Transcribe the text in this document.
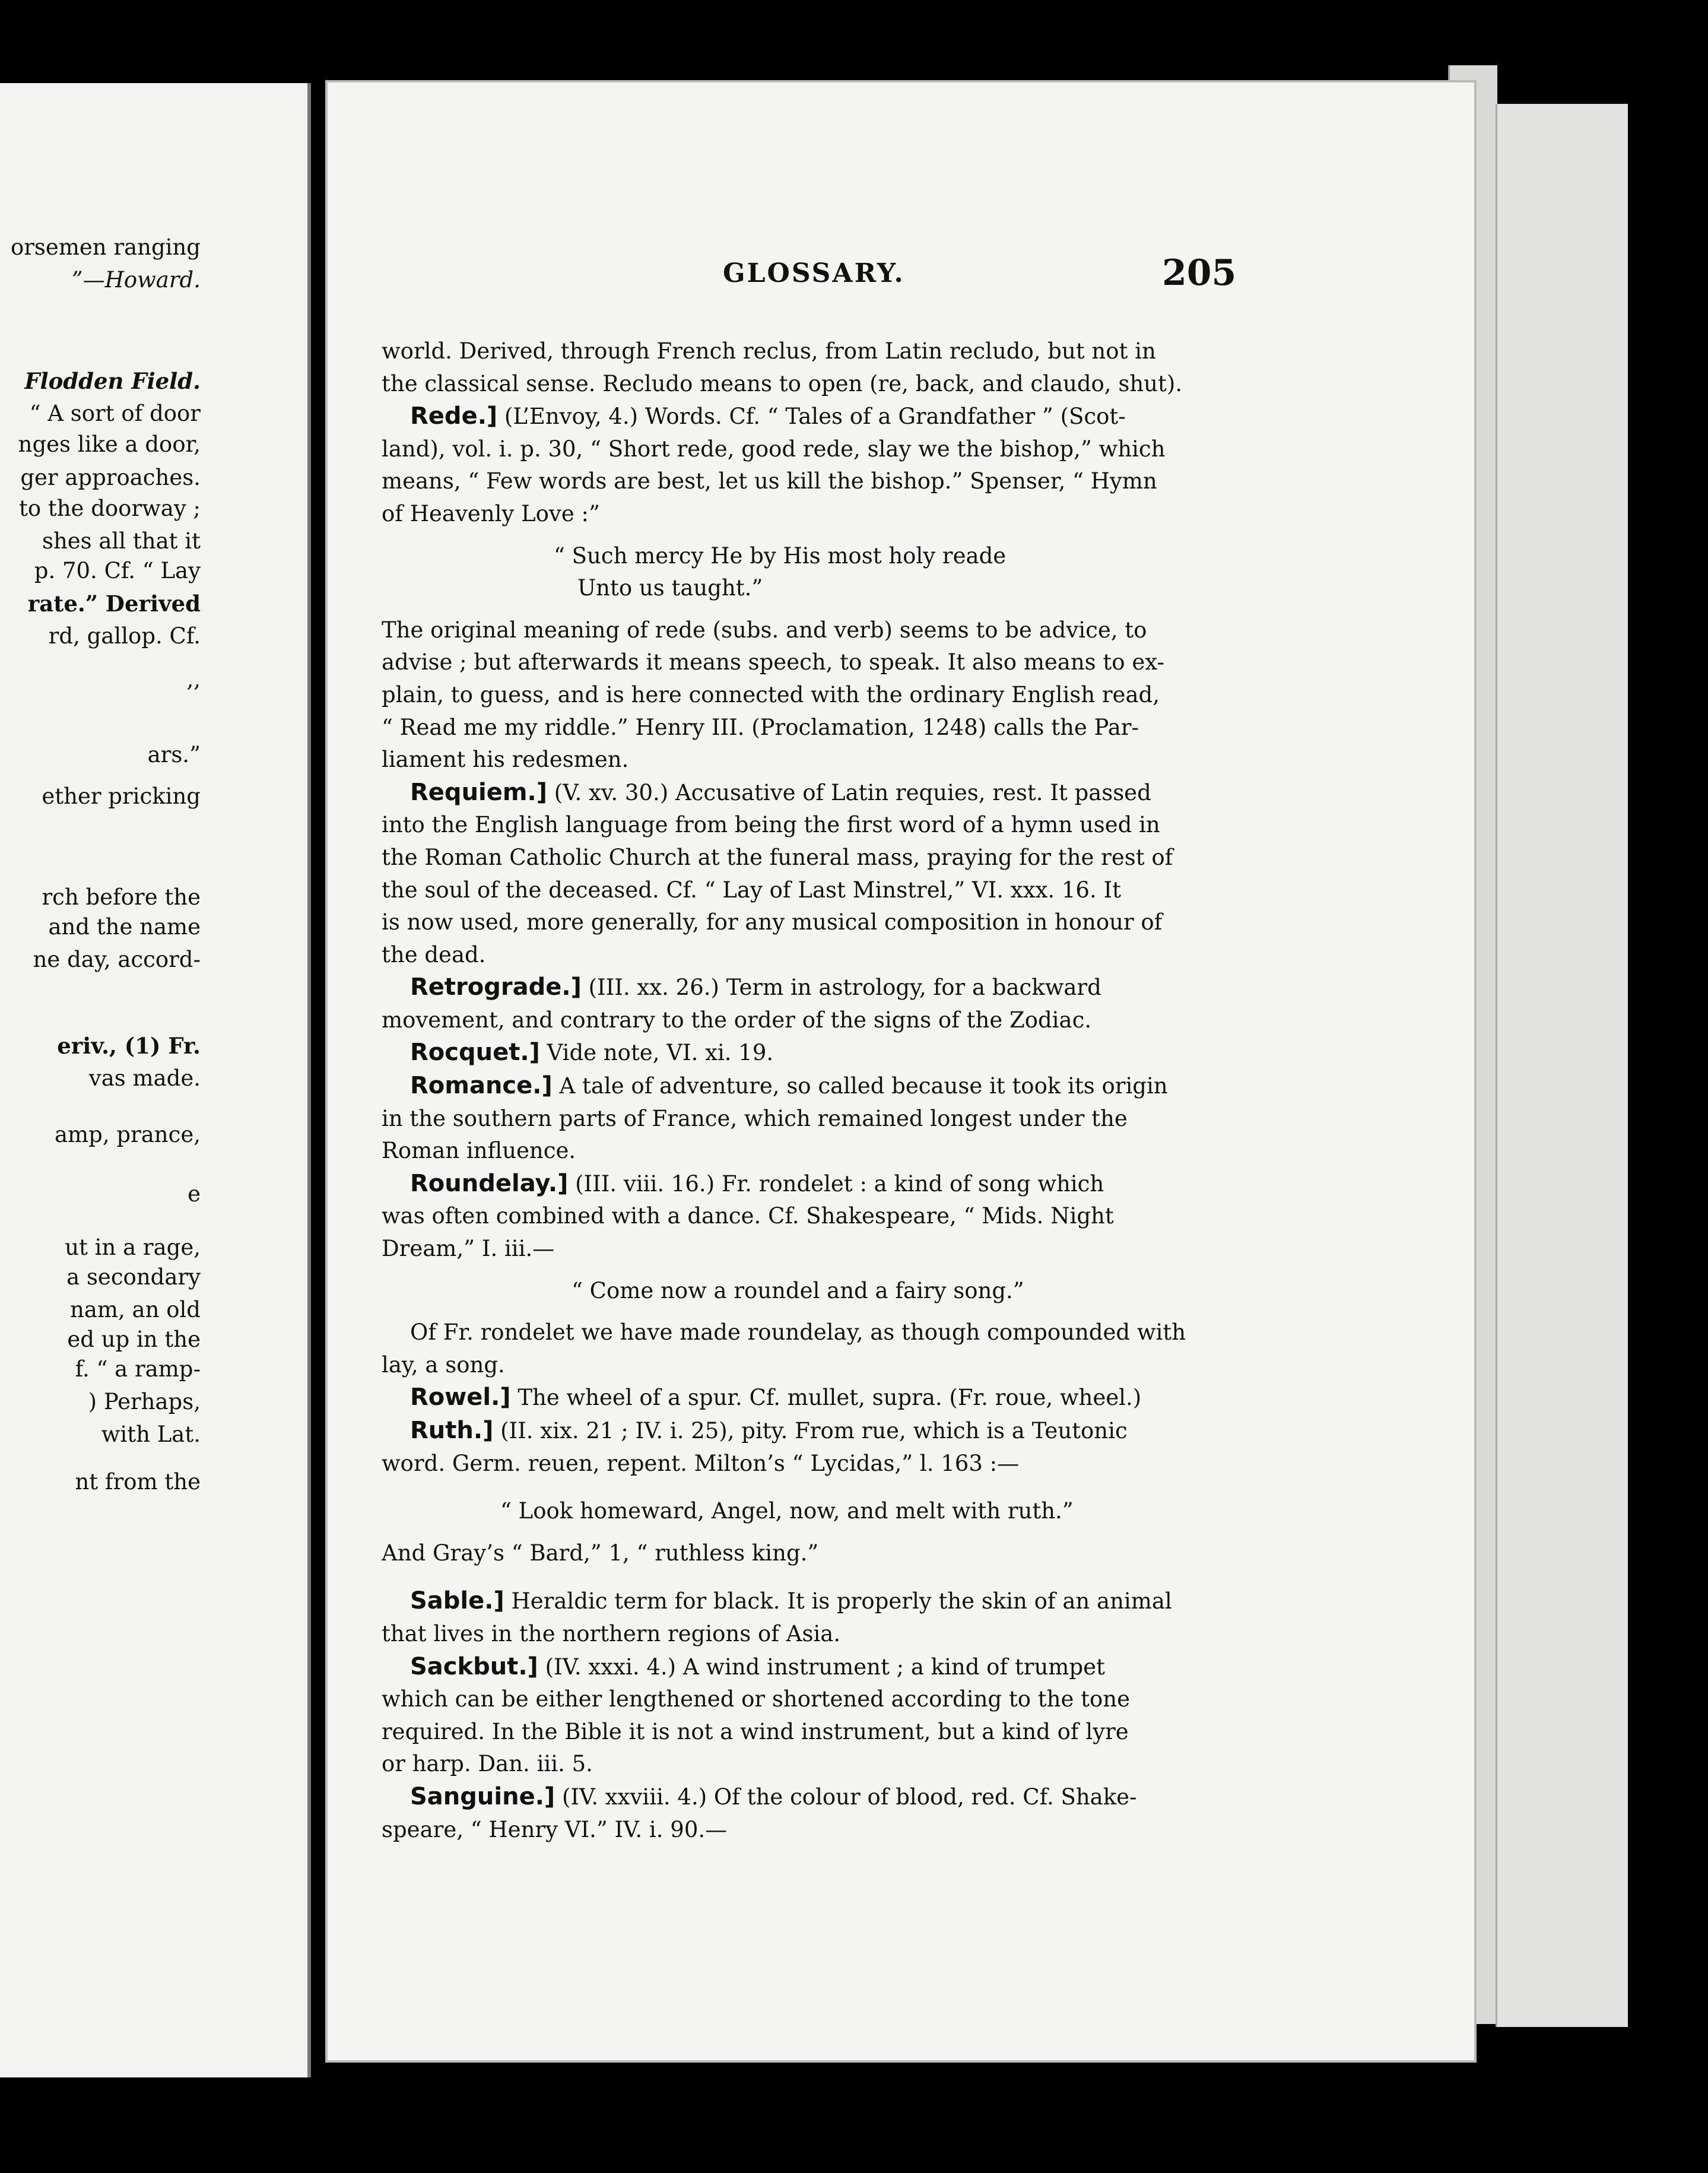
orsemen ranging
”—Howard.
Flodden Field.
“ A sort of door
nges like a door,
ger approaches.
to the doorway ;
shes all that it
p. 70. Cf. “ Lay
rate.” Derived
rd, gallop. Cf.
,,
ars.”
ether pricking
rch before the
and the name
ne day, accord-
eriv., (1) Fr.
vas made.
amp, prance,
e
ut in a rage,
a secondary
nam, an old
ed up in the
f. “ a ramp-
) Perhaps,
with Lat.
nt from the
GLOSSARY.	205

world. Derived, through French reclus, from Latin recludo, but not in

the classical sense. Recludo means to open (re, back, and claudo, shut).

Rede.] (L’Envoy, 4.) Words. Cf. “ Tales of a Grandfather ” (Scot-

land), vol. i. p. 30, “ Short rede, good rede, slay we the bishop,” which

means, “ Few words are best, let us kill the bishop.” Spenser, “ Hymn

of Heavenly Love :”

“ Such mercy He by His most holy reade

Unto us taught.”

The original meaning of rede (subs. and verb) seems to be advice, to

advise ; but afterwards it means speech, to speak. It also means to ex-

plain, to guess, and is here connected with the ordinary English read,

“ Read me my riddle.” Henry III. (Proclamation, 1248) calls the Par-

liament his redesmen.

Requiem.] (V. xv. 30.) Accusative of Latin requies, rest. It passed

into the English language from being the first word of a hymn used in

the Roman Catholic Church at the funeral mass, praying for the rest of

the soul of the deceased. Cf. “ Lay of Last Minstrel,” VI. xxx. 16. It

is now used, more generally, for any musical composition in honour of

the dead.

Retrograde.] (III. xx. 26.) Term in astrology, for a backward

movement, and contrary to the order of the signs of the Zodiac.

Rocquet.] Vide note, VI. xi. 19.

Romance.] A tale of adventure, so called because it took its origin

in the southern parts of France, which remained longest under the

Roman influence.

Roundelay.] (III. viii. 16.) Fr. rondelet : a kind of song which

was often combined with a dance. Cf. Shakespeare, “ Mids. Night

Dream,” I. iii.—

“ Come now a roundel and a fairy song.”

Of Fr. rondelet we have made roundelay, as though compounded with

lay, a song.

Rowel.] The wheel of a spur. Cf. mullet, supra. (Fr. roue, wheel.)

Ruth.] (II. xix. 21 ; IV. i. 25), pity. From rue, which is a Teutonic

word. Germ. reuen, repent. Milton’s “ Lycidas,” l. 163 :—

“ Look homeward, Angel, now, and melt with ruth.”

And Gray’s “ Bard,” 1, “ ruthless king.”

Sable.] Heraldic term for black. It is properly the skin of an animal

that lives in the northern regions of Asia.

Sackbut.] (IV. xxxi. 4.) A wind instrument ; a kind of trumpet

which can be either lengthened or shortened according to the tone

required. In the Bible it is not a wind instrument, but a kind of lyre

or harp. Dan. iii. 5.

Sanguine.] (IV. xxviii. 4.) Of the colour of blood, red. Cf. Shake-

speare, “ Henry VI.” IV. i. 90.—
